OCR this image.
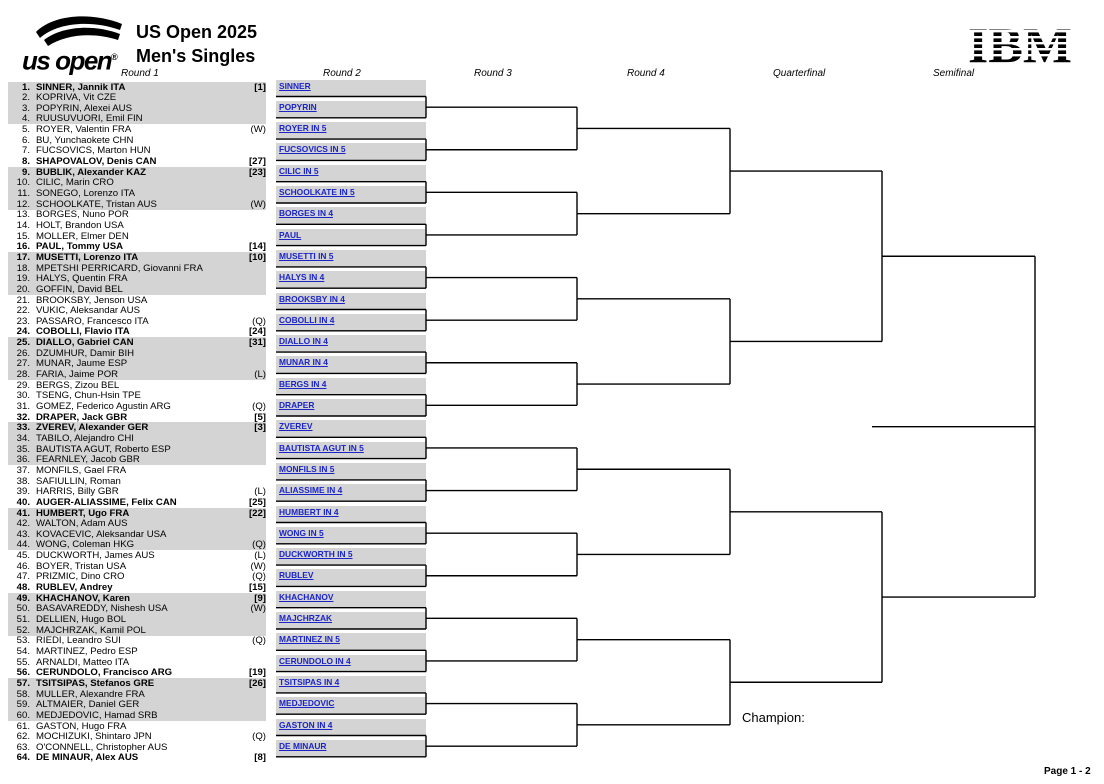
us open®
US Open 2025
Men's Singles
Round 1	Round 2	Round 3	Round 4	Quarterfinal	Semifinal
1. SINNER, Jannik ITA	[1]
2. KOPRIVA, Vit CZE
3. POPYRIN, Alexei AUS
4. RUUSUVUORI, Emil FIN
5. ROYER, Valentin FRA	(W)
6. BU, Yunchaokete CHN
7. FUCSOVICS, Marton HUN
8. SHAPOVALOV, Denis CAN	[27]
9. BUBLIK, Alexander KAZ	[23]
10. CILIC, Marin CRO
11. SONEGO, Lorenzo ITA
12. SCHOOLKATE, Tristan AUS	(W)
13. BORGES, Nuno POR
14. HOLT, Brandon USA
15. MOLLER, Elmer DEN
16. PAUL, Tommy USA	[14]
17. MUSETTI, Lorenzo ITA	[10]
18. MPETSHI PERRICARD, Giovanni FRA
19. HALYS, Quentin FRA
20. GOFFIN, David BEL
21. BROOKSBY, Jenson USA
22. VUKIC, Aleksandar AUS
23. PASSARO, Francesco ITA	(Q)
24. COBOLLI, Flavio ITA	[24]
25. DIALLO, Gabriel CAN	[31]
26. DZUMHUR, Damir BIH
27. MUNAR, Jaume ESP
28. FARIA, Jaime POR	(L)
29. BERGS, Zizou BEL
30. TSENG, Chun-Hsin TPE
31. GOMEZ, Federico Agustin ARG	(Q)
32. DRAPER, Jack GBR	[5]
33. ZVEREV, Alexander GER	[3]
34. TABILO, Alejandro CHI
35. BAUTISTA AGUT, Roberto ESP
36. FEARNLEY, Jacob GBR
37. MONFILS, Gael FRA
38. SAFIULLIN, Roman
39. HARRIS, Billy GBR	(L)
40. AUGER-ALIASSIME, Felix CAN	[25]
41. HUMBERT, Ugo FRA	[22]
42. WALTON, Adam AUS
43. KOVACEVIC, Aleksandar USA
44. WONG, Coleman HKG	(Q)
45. DUCKWORTH, James AUS	(L)
46. BOYER, Tristan USA	(W)
47. PRIZMIC, Dino CRO	(Q)
48. RUBLEV, Andrey	[15]
49. KHACHANOV, Karen	[9]
50. BASAVAREDDY, Nishesh USA	(W)
51. DELLIEN, Hugo BOL
52. MAJCHRZAK, Kamil POL
53. RIEDI, Leandro SUI	(Q)
54. MARTINEZ, Pedro ESP
55. ARNALDI, Matteo ITA
56. CERUNDOLO, Francisco ARG	[19]
57. TSITSIPAS, Stefanos GRE	[26]
58. MULLER, Alexandre FRA
59. ALTMAIER, Daniel GER
60. MEDJEDOVIC, Hamad SRB
61. GASTON, Hugo FRA
62. MOCHIZUKI, Shintaro JPN	(Q)
63. O'CONNELL, Christopher AUS
64. DE MINAUR, Alex AUS	[8]
SINNER
POPYRIN
ROYER IN 5
FUCSOVICS IN 5
CILIC IN 5
SCHOOLKATE IN 5
BORGES IN 4
PAUL
MUSETTI IN 5
HALYS IN 4
BROOKSBY IN 4
COBOLLI IN 4
DIALLO IN 4
MUNAR IN 4
BERGS IN 4
DRAPER
ZVEREV
BAUTISTA AGUT IN 5
MONFILS IN 5
ALIASSIME IN 4
HUMBERT IN 4
WONG IN 5
DUCKWORTH IN 5
RUBLEV
KHACHANOV
MAJCHRZAK
MARTINEZ IN 5
CERUNDOLO IN 4
TSITSIPAS IN 4
MEDJEDOVIC
GASTON IN 4
DE MINAUR
Champion:
Page 1 - 2
